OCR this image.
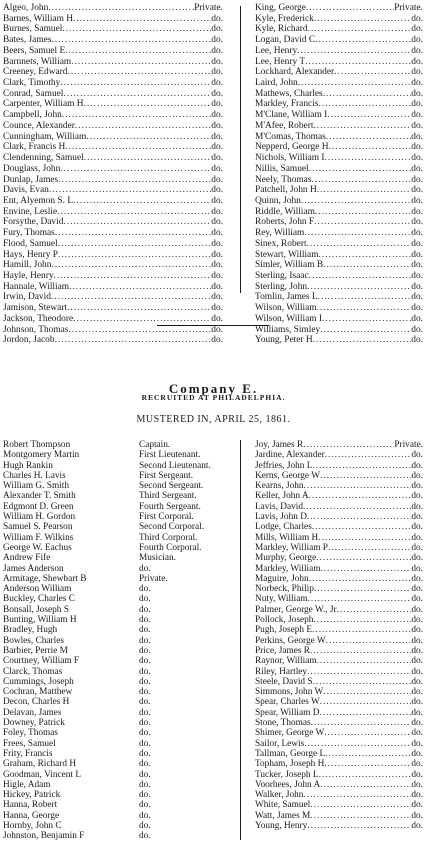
Algeo, John .....	Private.
Barnes, William H .....	do.
Burnes, Samuel .....	do.
Bates, James .....	do.
Beers, Samuel E .....	do.
Barnnets, William .....	do.
Creeney, Edward .....	do.
Clark, Timothy .....	do.
Conrad, Samuel .....	do.
Carpenter, William H .....	do.
Campbell, John .....	do.
Counce, Alexander .....	do.
Cunningham, William .....	do.
Clark, Francis H .....	do.
Clendenning, Samuel .....	do.
Douglass, John .....	do.
Dunlap, James .....	do.
Davis, Evan .....	do.
Ent, Alyemon S. L .....	do.
Envine, Leslie .....	do.
Forsythe, David .....	do.
Fury, Thomas .....	do.
Flood, Samuel .....	do.
Hays, Henry P .....	do.
Hamill, John .....	do.
Hayle, Henry .....	do.
Hannale, William .....	do.
Irwin, David .....	do.
Jamison, Stewart .....	do.
Jackson, Theodore .....	do.
Johnson, Thomas .....	do.
Jordon, Jacob .....	do.
King, George .....	Private.
Kyle, Frederick .....	do.
Kyle, Richard .....	do.
Logan, David C .....	do.
Lee, Henry .....	do.
Lee, Henry T .....	do.
Lockhard, Alexander .....	do.
Laird, John .....	do.
Mathews, Charles .....	do.
Markley, Francis .....	do.
M'Clane, William I .....	do.
M'Afee, Robert .....	do.
M'Comas, Thomas .....	do.
Nepperd, George H .....	do.
Nichols, William I .....	do.
Nillis, Samuel .....	do.
Neely, Thomas .....	do.
Patchell, John H .....	do.
Quinn, John .....	do.
Riddle, William .....	do.
Roberts, John F .....	do.
Rey, William .....	do.
Sinex, Robert .....	do.
Stewart, William .....	do.
Simler, William B .....	do.
Sterling, Isaac .....	do.
Sterling, John .....	do.
Tomlin, James L .....	do.
Wilson, William .....	do.
Wilson, William I .....	do.
Williams, Simley .....	do.
Young, Peter H .....	do.
Company E.
RECRUITED AT PHILADELPHIA.
MUSTERED IN, APRIL 25, 1861.
Robert Thompson	Captain.
Montgomery Martin	First Lieutenant.
Hugh Rankin	Second Lieutenant.
Charles H. Lavis	First Sergeant.
William G. Smith	Second Sergeant.
Alexander T. Smith	Third Sergeant.
Edgmont D. Green	Fourth Sergeant.
William H. Gordon	First Corporal.
Samuel S. Pearson	Second Corporal.
William F. Wilkins	Third Corporal.
George W. Eachus	Fourth Corporal.
Andrew Fife	Musician.
James Anderson	do.
Armitage, Shewbart B	Private.
Anderson William	do.
Buckley, Charles C	do.
Bonsall, Joseph S	do.
Bunting, William H	do.
Bradley, Hugh	do.
Bowles, Charles	do.
Barbier, Perrie M	do.
Courtney, William F	do.
Clarck, Thomas	do.
Cummings, Joseph	do.
Cochran, Matthew	do.
Decon, Charles H	do.
Delavan, James	do.
Downey, Patrick	do.
Foley, Thomas	do.
Frees, Samuel	do.
Frity, Francis	do.
Graham, Richard H	do.
Goodman, Vincent L	do.
Higle, Adam	do.
Hickey, Patrick	do.
Hanna, Robert	do.
Hanna, George	do.
Hornby, John C	do.
Johnston, Benjamin F	do.
Joy, James R .....	Private.
Jardine, Alexander .....	do.
Jeffries, John L .....	do.
Kerns, George W .....	do.
Kearns, John .....	do.
Keller, John A .....	do.
Lavis, David .....	do.
Lavis, John D .....	do.
Lodge, Charles .....	do.
Mills, William H .....	do.
Markley, William P .....	do.
Murphy, George .....	do.
Markley, William .....	do.
Maguire, John .....	do.
Norbeck, Philip .....	do.
Nuty, William .....	do.
Palmer, George W., Jr .....	do.
Pollock, Joseph .....	do.
Pugh, Joseph E .....	do.
Perkins, George W .....	do.
Price, James R .....	do.
Raynor, William .....	do.
Riley, Hartley .....	do.
Steele, David S .....	do.
Simmons, John W .....	do.
Spear, Charles W .....	do.
Spear, William D .....	do.
Stone, Thomas .....	do.
Shimer, George W .....	do.
Sailor, Lewis .....	do.
Tallman, George L .....	do.
Topham, Joseph H .....	do.
Tucker, Joseph L .....	do.
Voorhees, John A .....	do.
Walker, John .....	do.
White, Samuel .....	do.
Watt, James M .....	do.
Young, Henry .....	do.
